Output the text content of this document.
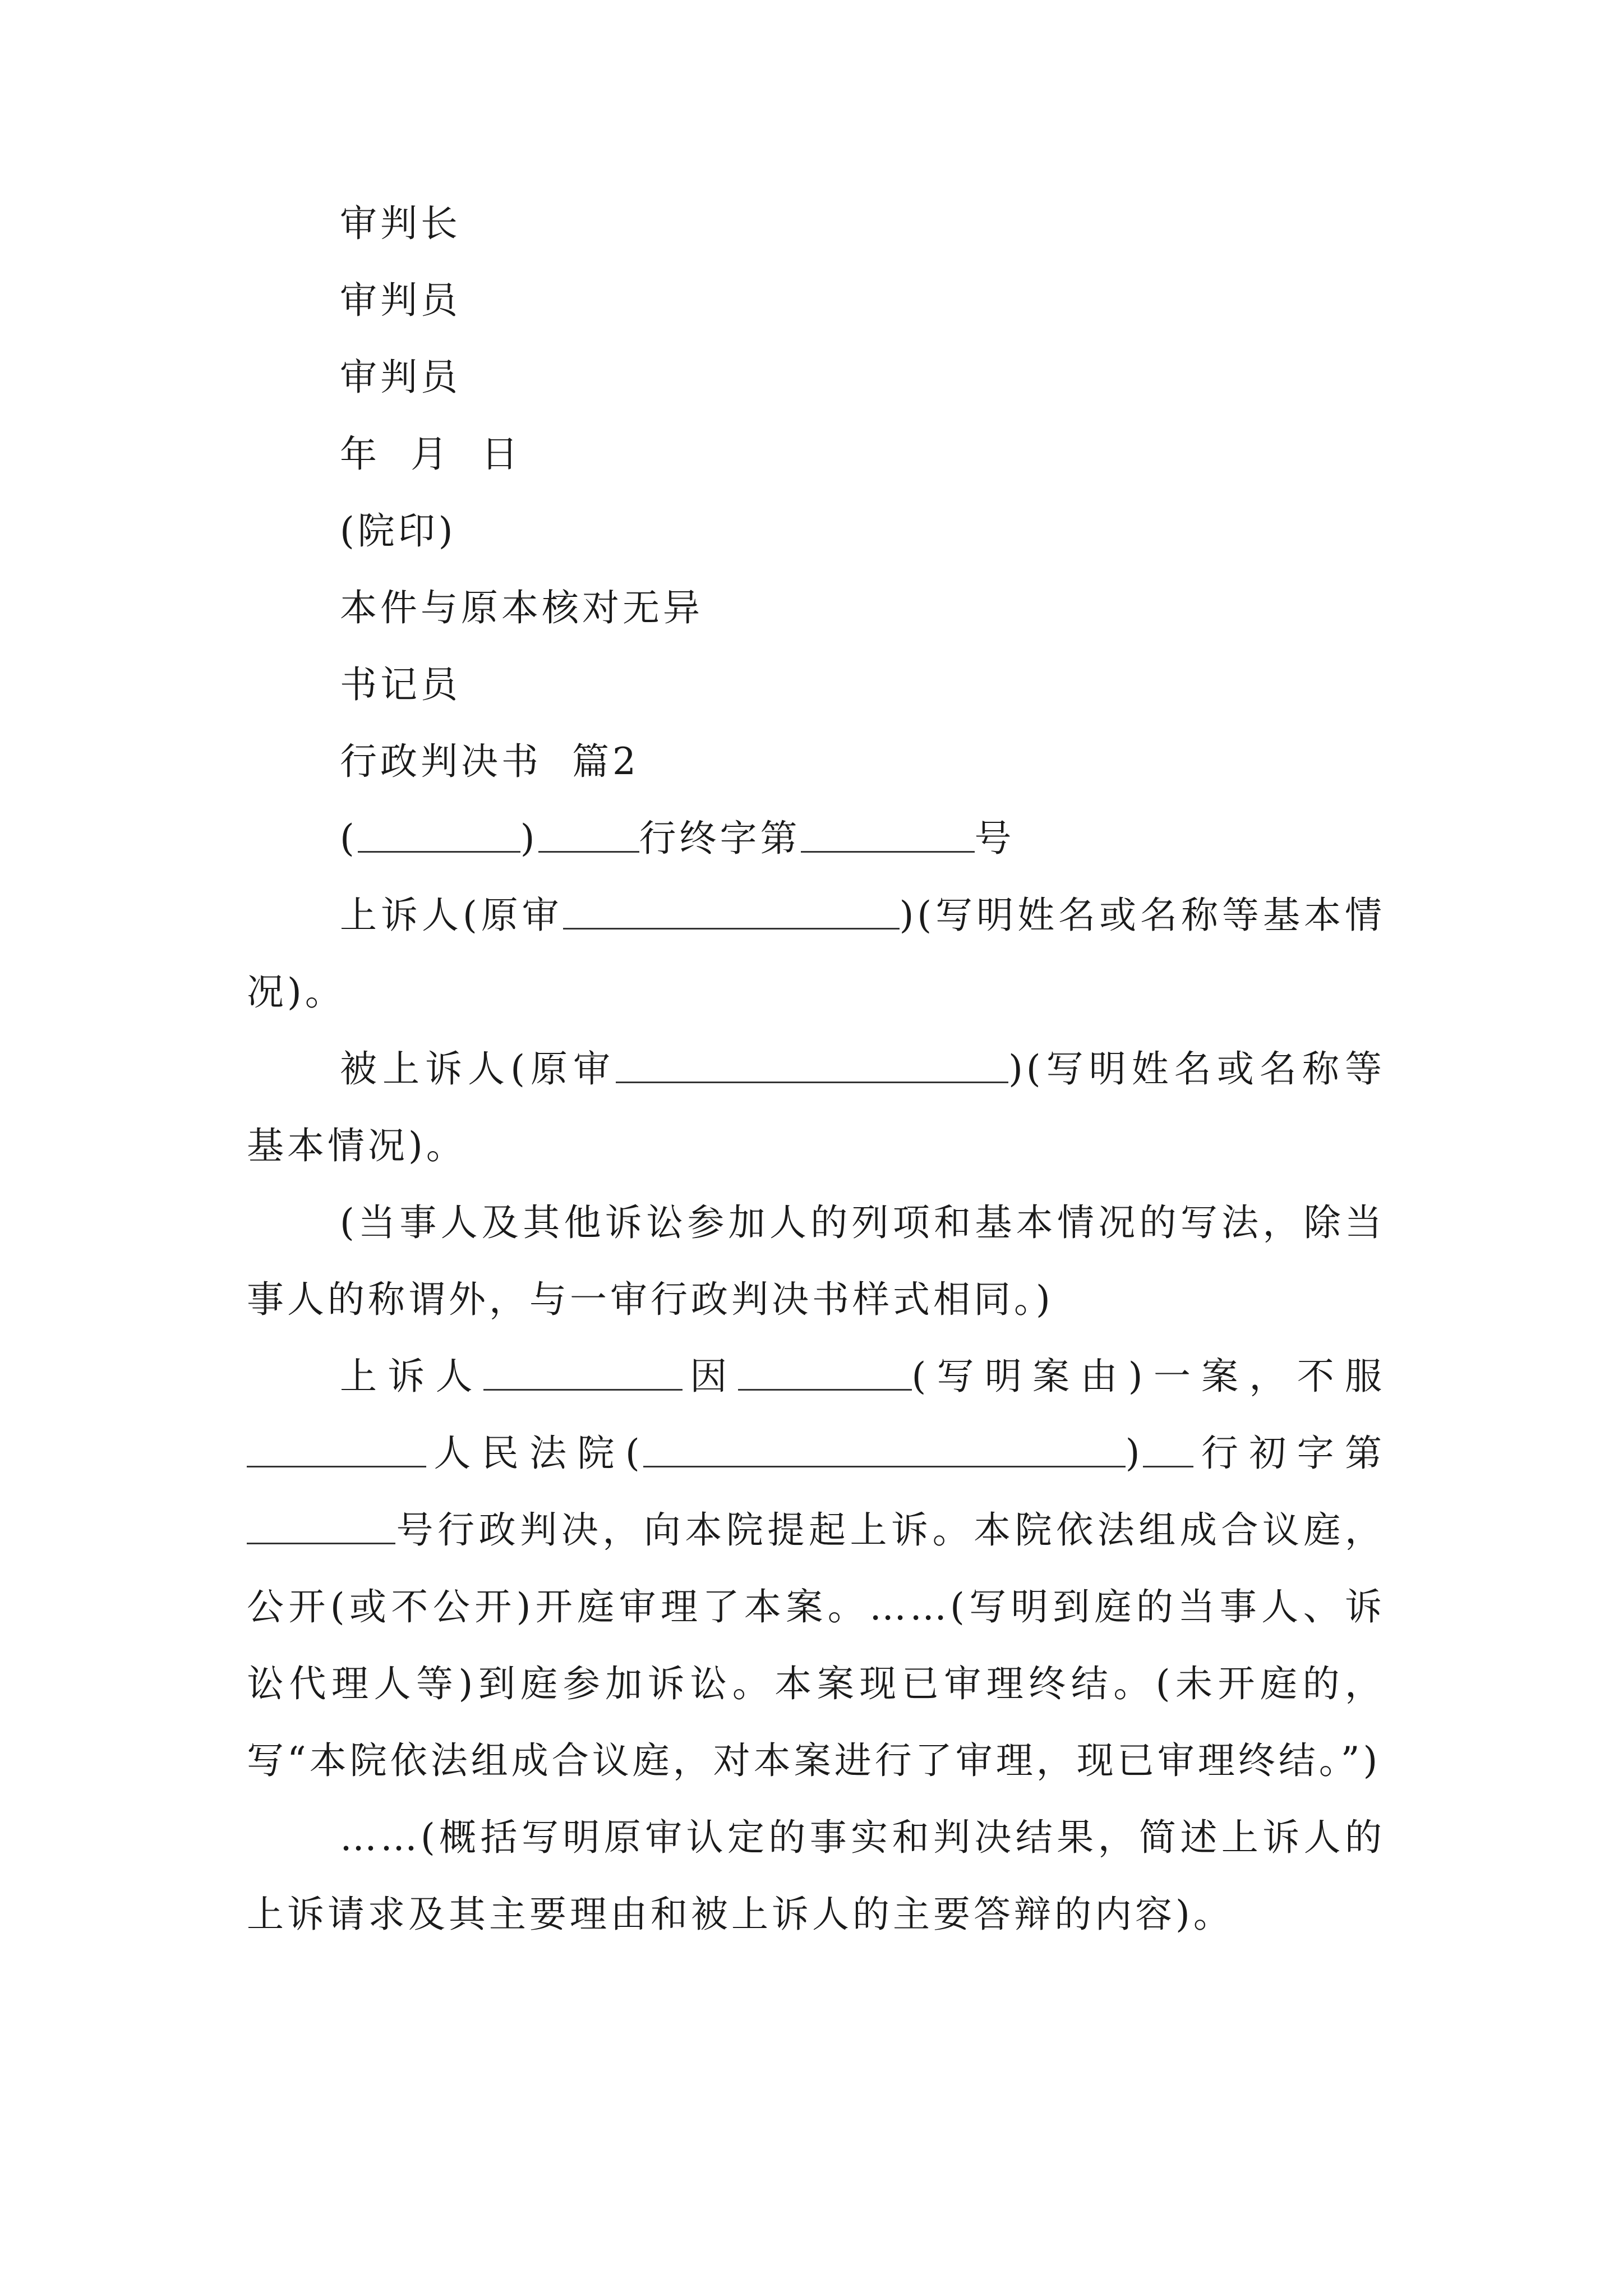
审判长

审判员

审判员

年  月  日

(院印)

本件与原本核对无异

书记员

行政判决书  篇2

(	)	行终字第	号

上诉人(原审	)(写明姓名或名称等基本情况)。

被上诉人(原审	)(写明姓名或名称等基本情况)。

(当事人及其他诉讼参加人的列项和基本情况的写法，除当事人的称谓外，与一审行政判决书样式相同。)

上诉人	因	(写明案由)一案，不服人民法院(	) 行初字第号行政判决，向本院提起上诉。本院依法组成合议庭，公开(或不公开)开庭审理了本案。……(写明到庭的当事人、诉讼代理人等)到庭参加诉讼。本案现已审理终结。(未开庭的，写“本院依法组成合议庭，对本案进行了审理，现已审理终结。”)

……(概括写明原审认定的事实和判决结果，简述上诉人的上诉请求及其主要理由和被上诉人的主要答辩的内容)。
